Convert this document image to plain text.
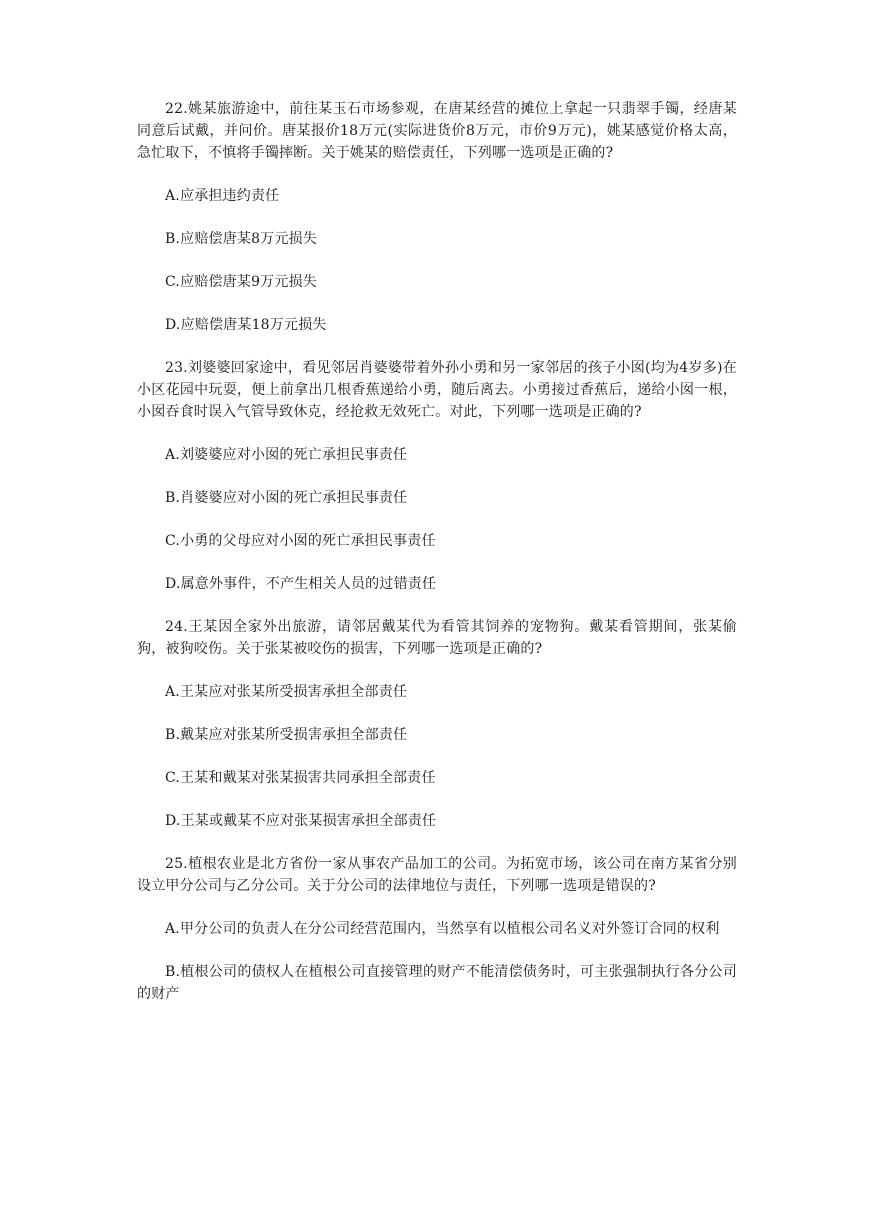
22.姚某旅游途中，前往某玉石市场参观，在唐某经营的摊位上拿起一只翡翠手镯，经唐某同意后试戴，并问价。唐某报价18万元(实际进货价8万元，市价9万元)，姚某感觉价格太高，急忙取下，不慎将手镯摔断。关于姚某的赔偿责任，下列哪一选项是正确的?

A.应承担违约责任

B.应赔偿唐某8万元损失

C.应赔偿唐某9万元损失

D.应赔偿唐某18万元损失

23.刘婆婆回家途中，看见邻居肖婆婆带着外孙小勇和另一家邻居的孩子小囡(均为4岁多)在小区花园中玩耍，便上前拿出几根香蕉递给小勇，随后离去。小勇接过香蕉后，递给小囡一根，小囡吞食时误入气管导致休克，经抢救无效死亡。对此，下列哪一选项是正确的?

A.刘婆婆应对小囡的死亡承担民事责任

B.肖婆婆应对小囡的死亡承担民事责任

C.小勇的父母应对小囡的死亡承担民事责任

D.属意外事件，不产生相关人员的过错责任

24.王某因全家外出旅游，请邻居戴某代为看管其饲养的宠物狗。戴某看管期间，张某偷狗，被狗咬伤。关于张某被咬伤的损害，下列哪一选项是正确的?

A.王某应对张某所受损害承担全部责任

B.戴某应对张某所受损害承担全部责任

C.王某和戴某对张某损害共同承担全部责任

D.王某或戴某不应对张某损害承担全部责任

25.植根农业是北方省份一家从事农产品加工的公司。为拓宽市场，该公司在南方某省分别设立甲分公司与乙分公司。关于分公司的法律地位与责任，下列哪一选项是错误的?

A.甲分公司的负责人在分公司经营范围内，当然享有以植根公司名义对外签订合同的权利

B.植根公司的债权人在植根公司直接管理的财产不能清偿债务时，可主张强制执行各分公司的财产
